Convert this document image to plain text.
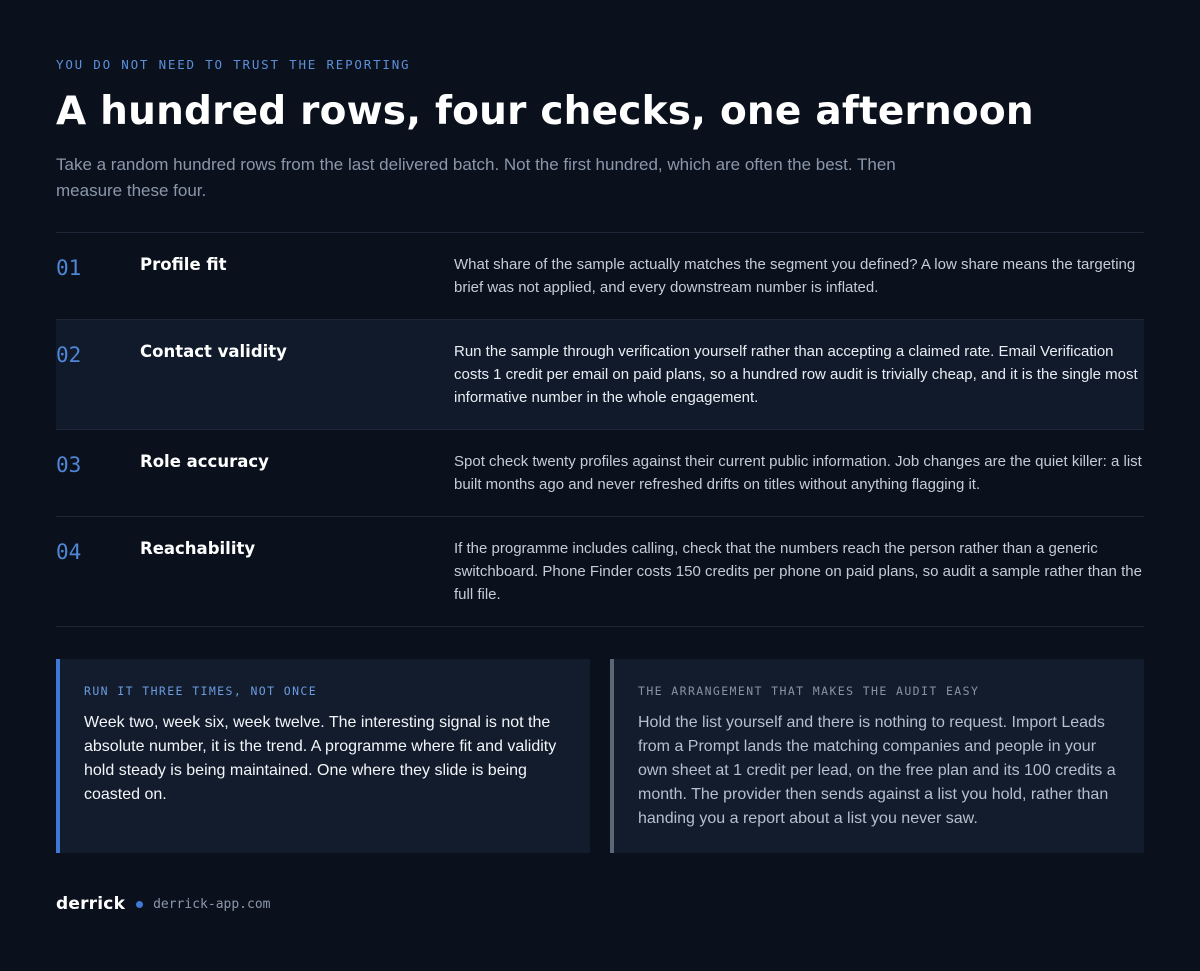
YOU DO NOT NEED TO TRUST THE REPORTING

A hundred rows, four checks, one afternoon

Take a random hundred rows from the last delivered batch. Not the first hundred, which are often the best. Then measure these four.

01	Profile fit	What share of the sample actually matches the segment you defined? A low share means the targeting brief was not applied, and every downstream number is inflated.
02	Contact validity	Run the sample through verification yourself rather than accepting a claimed rate. Email Verification costs 1 credit per email on paid plans, so a hundred row audit is trivially cheap, and it is the single most informative number in the whole engagement.
03	Role accuracy	Spot check twenty profiles against their current public information. Job changes are the quiet killer: a list built months ago and never refreshed drifts on titles without anything flagging it.
04	Reachability	If the programme includes calling, check that the numbers reach the person rather than a generic switchboard. Phone Finder costs 150 credits per phone on paid plans, so audit a sample rather than the full file.

RUN IT THREE TIMES, NOT ONCE

Week two, week six, week twelve. The interesting signal is not the absolute number, it is the trend. A programme where fit and validity hold steady is being maintained. One where they slide is being coasted on.

THE ARRANGEMENT THAT MAKES THE AUDIT EASY

Hold the list yourself and there is nothing to request. Import Leads from a Prompt lands the matching companies and people in your own sheet at 1 credit per lead, on the free plan and its 100 credits a month. The provider then sends against a list you hold, rather than handing you a report about a list you never saw.

derrick derrick-app.com
